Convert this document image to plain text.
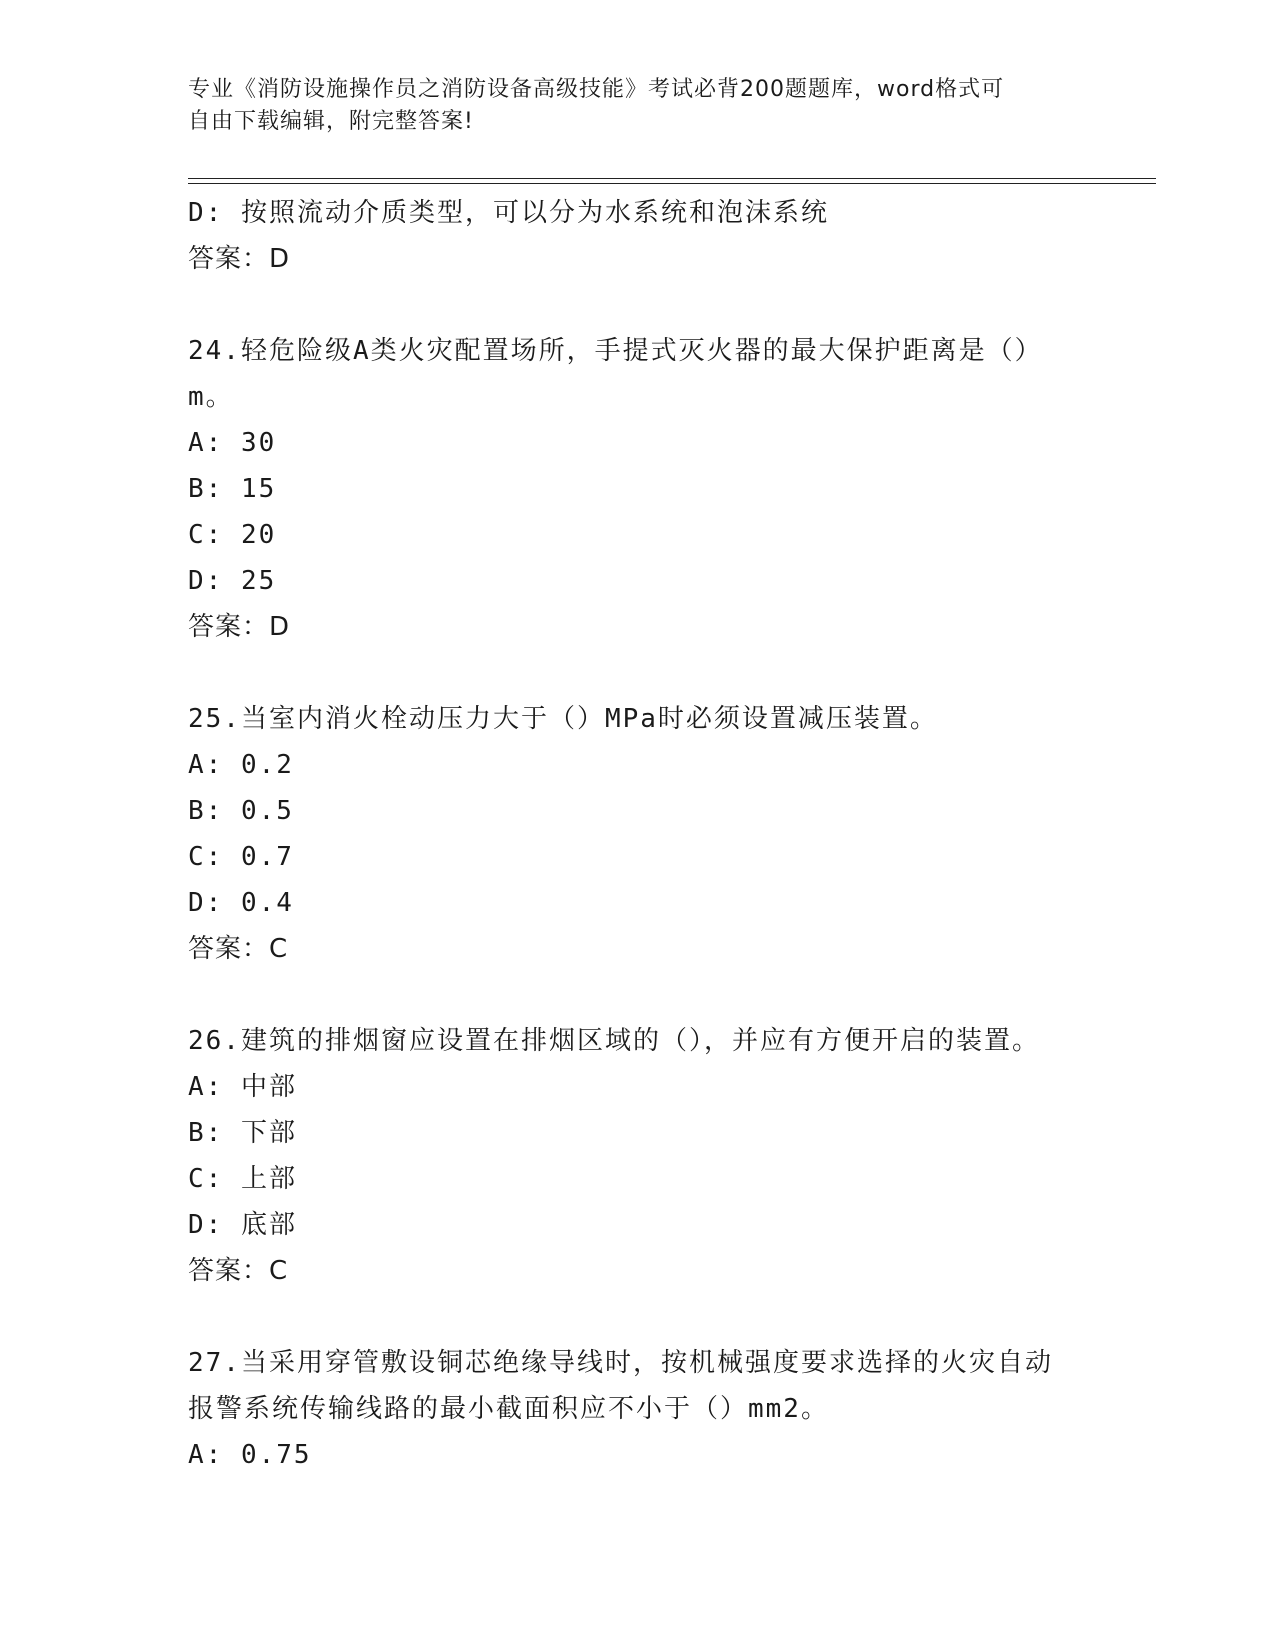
专业《消防设施操作员之消防设备高级技能》考试必背200题题库，word格式可
自由下载编辑，附完整答案!
D: 按照流动介质类型，可以分为水系统和泡沫系统
答案：D
24.轻危险级A类火灾配置场所，手提式灭火器的最大保护距离是（）
m。
A: 30
B: 15
C: 20
D: 25
答案：D
25.当室内消火栓动压力大于（）MPa时必须设置减压装置。
A: 0.2
B: 0.5
C: 0.7
D: 0.4
答案：C
26.建筑的排烟窗应设置在排烟区域的（），并应有方便开启的装置。
A: 中部
B: 下部
C: 上部
D: 底部
答案：C
27.当采用穿管敷设铜芯绝缘导线时，按机械强度要求选择的火灾自动
报警系统传输线路的最小截面积应不小于（）mm2。
A: 0.75
